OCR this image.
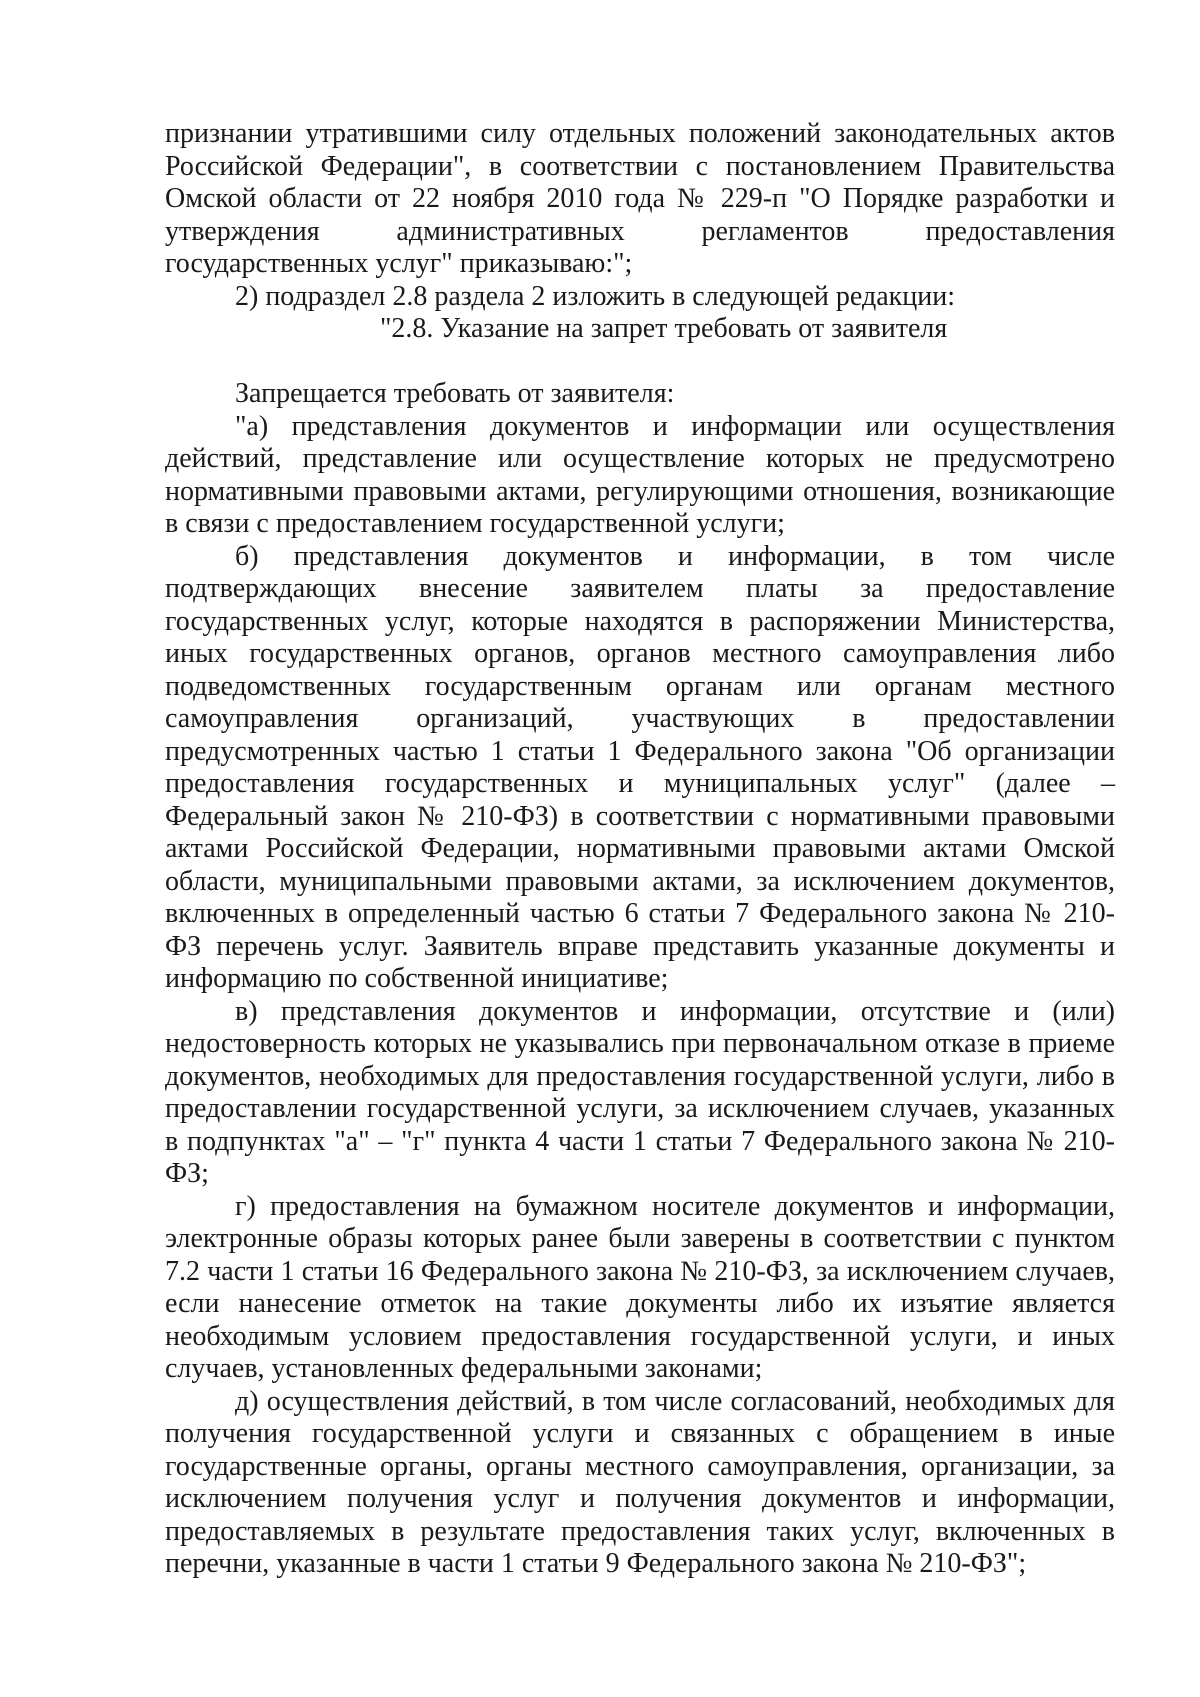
признании утратившими силу отдельных положений законодательных актов Российской Федерации", в соответствии с постановлением Правительства Омской области от 22 ноября 2010 года № 229-п "О Порядке разработки и утверждения административных регламентов предоставления государственных услуг" приказываю:";

2) подраздел 2.8 раздела 2 изложить в следующей редакции:

"2.8. Указание на запрет требовать от заявителя

Запрещается требовать от заявителя:

"а) представления документов и информации или осуществления действий, представление или осуществление которых не предусмотрено нормативными правовыми актами, регулирующими отношения, возникающие в связи с предоставлением государственной услуги;

б) представления документов и информации, в том числе подтверждающих внесение заявителем платы за предоставление государственных услуг, которые находятся в распоряжении Министерства, иных государственных органов, органов местного самоуправления либо подведомственных государственным органам или органам местного самоуправления организаций, участвующих в предоставлении предусмотренных частью 1 статьи 1 Федерального закона "Об организации предоставления государственных и муниципальных услуг" (далее – Федеральный закон № 210-ФЗ) в соответствии с нормативными правовыми актами Российской Федерации, нормативными правовыми актами Омской области, муниципальными правовыми актами, за исключением документов, включенных в определенный частью 6 статьи 7 Федерального закона № 210-ФЗ перечень услуг. Заявитель вправе представить указанные документы и информацию по собственной инициативе;

в) представления документов и информации, отсутствие и (или) недостоверность которых не указывались при первоначальном отказе в приеме документов, необходимых для предоставления государственной услуги, либо в предоставлении государственной услуги, за исключением случаев, указанных в подпунктах "а" – "г" пункта 4 части 1 статьи 7 Федерального закона № 210-ФЗ;

г) предоставления на бумажном носителе документов и информации, электронные образы которых ранее были заверены в соответствии с пунктом 7.2 части 1 статьи 16 Федерального закона № 210-ФЗ, за исключением случаев, если нанесение отметок на такие документы либо их изъятие является необходимым условием предоставления государственной услуги, и иных случаев, установленных федеральными законами;

д) осуществления действий, в том числе согласований, необходимых для получения государственной услуги и связанных с обращением в иные государственные органы, органы местного самоуправления, организации, за исключением получения услуг и получения документов и информации, предоставляемых в результате предоставления таких услуг, включенных в перечни, указанные в части 1 статьи 9 Федерального закона № 210-ФЗ";
